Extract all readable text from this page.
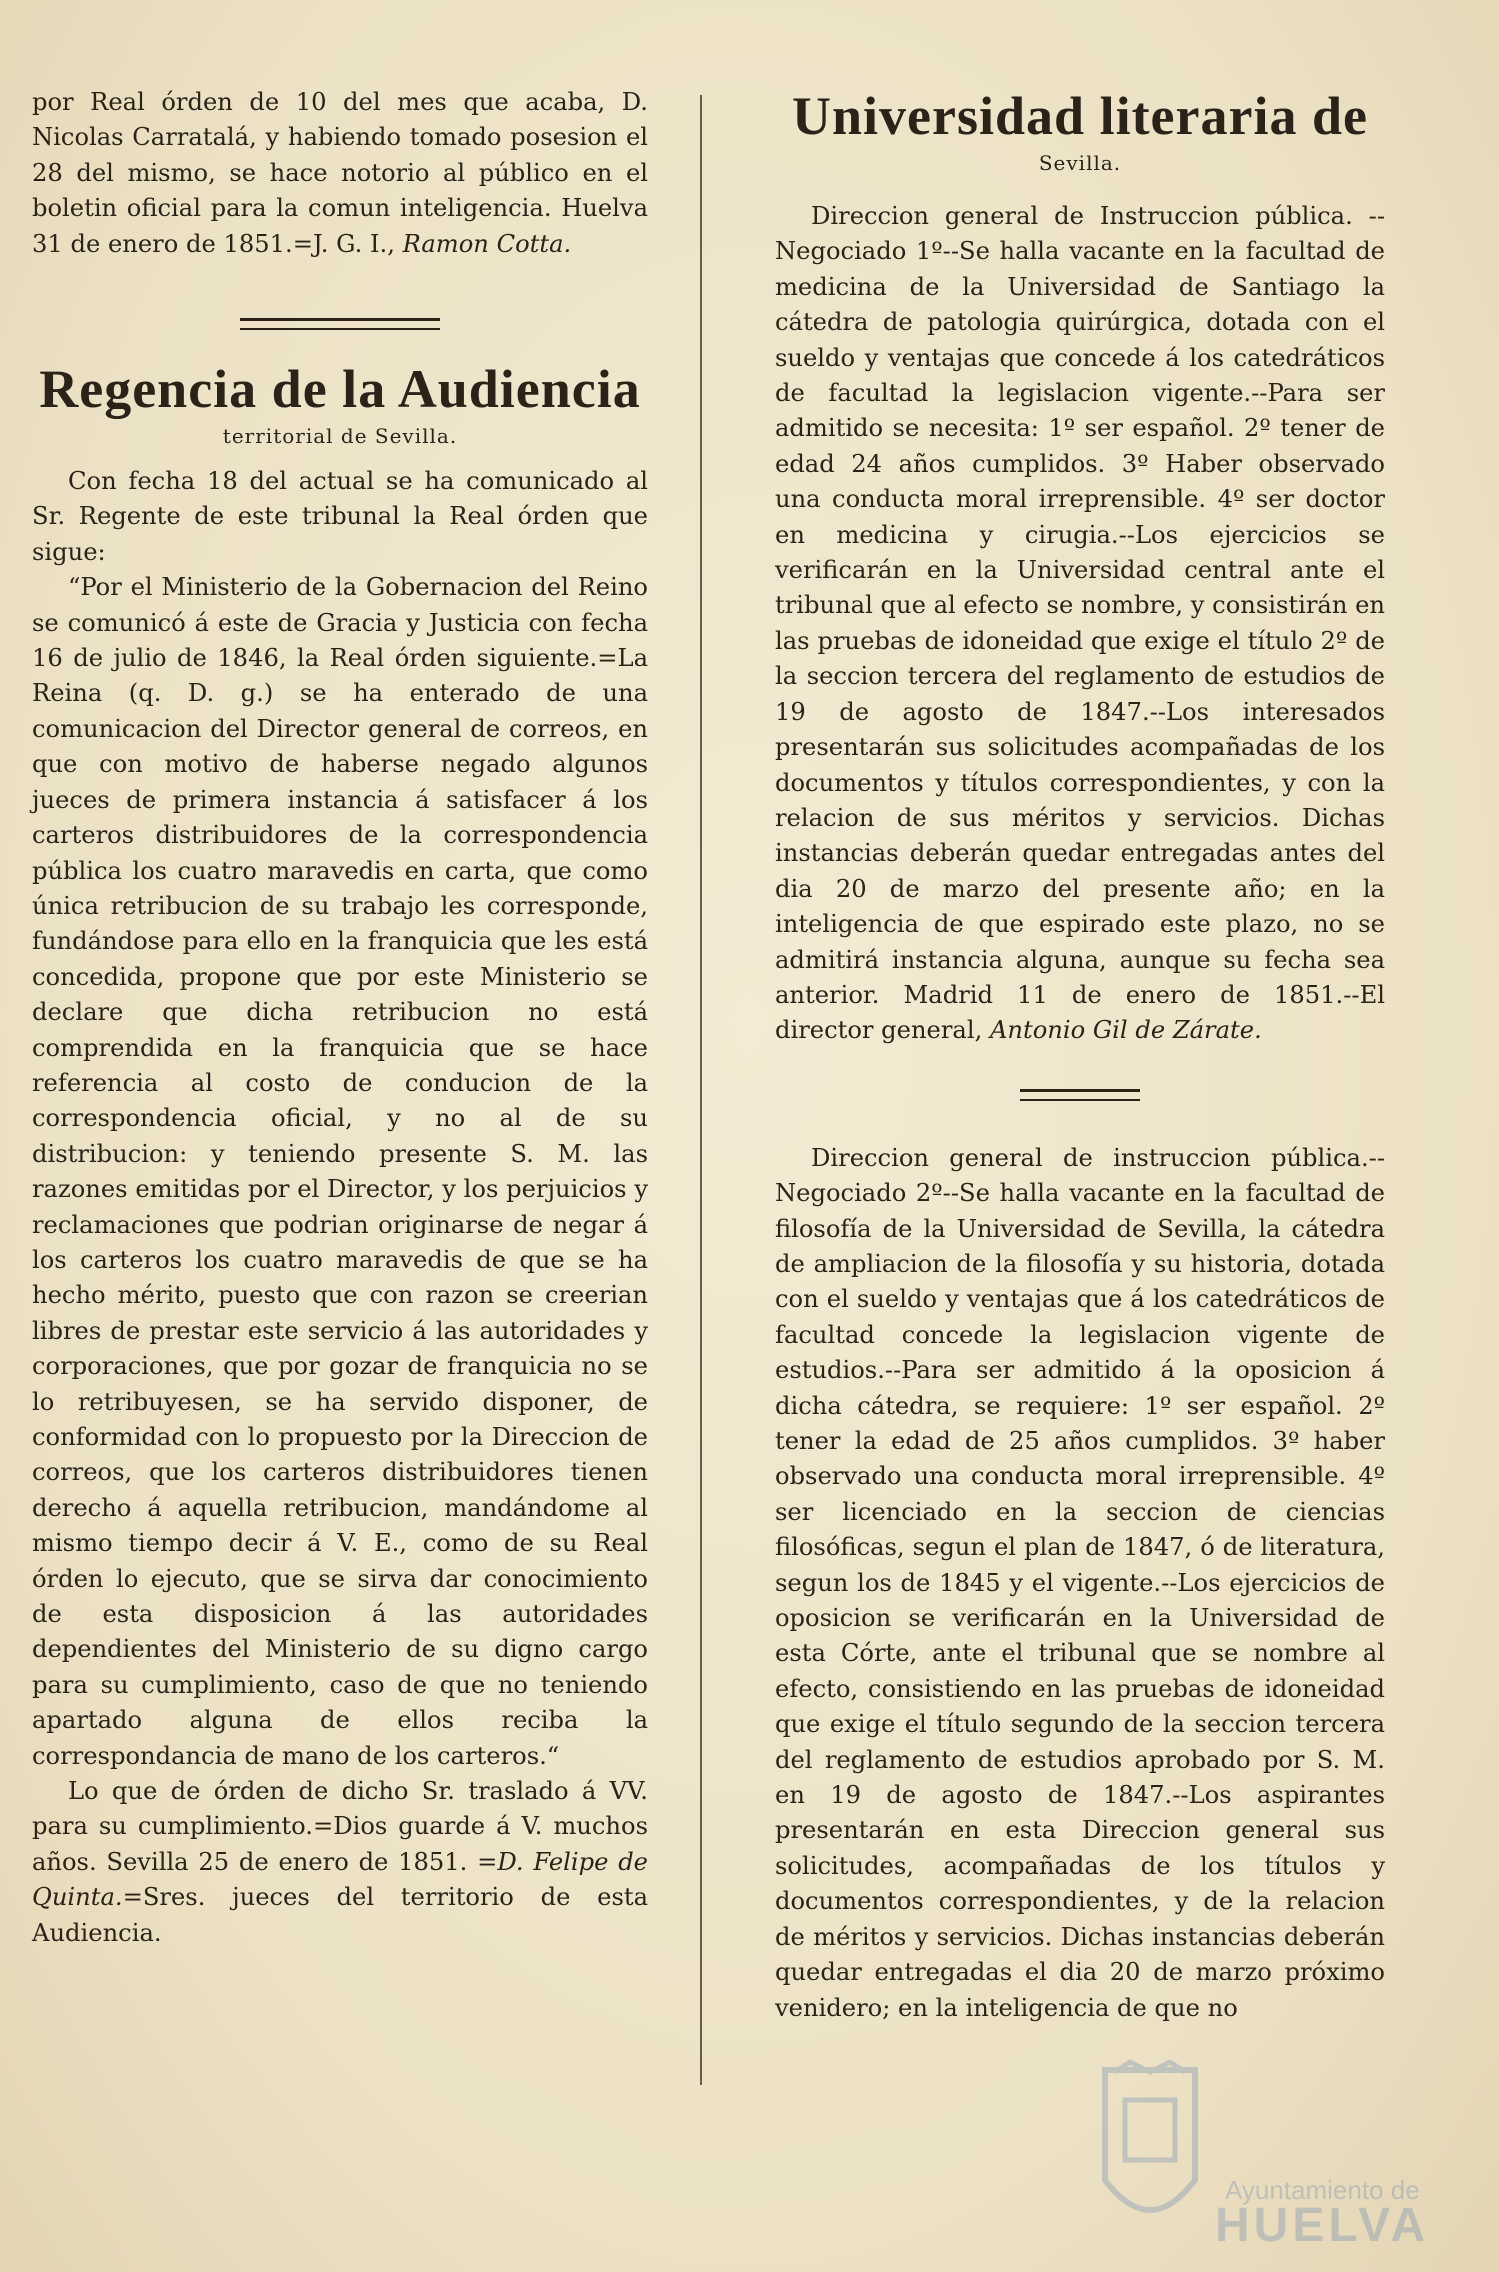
por Real órden de 10 del mes que acaba, D. Nicolas Carratalá, y habiendo tomado posesion el 28 del mismo, se hace notorio al público en el boletin oficial para la comun inteligencia. Huelva 31 de enero de 1851.=J. G. I., Ramon Cotta.

Regencia de la Audiencia
territorial de Sevilla.

Con fecha 18 del actual se ha comunicado al Sr. Regente de este tribunal la Real órden que sigue:

“Por el Ministerio de la Gobernacion del Reino se comunicó á este de Gracia y Justicia con fecha 16 de julio de 1846, la Real órden siguiente.=La Reina (q. D. g.) se ha enterado de una comunicacion del Director general de correos, en que con motivo de haberse negado algunos jueces de primera instancia á satisfacer á los carteros distribuidores de la correspondencia pública los cuatro maravedis en carta, que como única retribucion de su trabajo les corresponde, fundándose para ello en la franquicia que les está concedida, propone que por este Ministerio se declare que dicha retribucion no está comprendida en la franquicia que se hace referencia al costo de conducion de la correspondencia oficial, y no al de su distribucion: y teniendo presente S. M. las razones emitidas por el Director, y los perjuicios y reclamaciones que podrian originarse de negar á los carteros los cuatro maravedis de que se ha hecho mérito, puesto que con razon se creerian libres de prestar este servicio á las autoridades y corporaciones, que por gozar de franquicia no se lo retribuyesen, se ha servido disponer, de conformidad con lo propuesto por la Direccion de correos, que los carteros distribuidores tienen derecho á aquella retribucion, mandándome al mismo tiempo decir á V. E., como de su Real órden lo ejecuto, que se sirva dar conocimiento de esta disposicion á las autoridades dependientes del Ministerio de su digno cargo para su cumplimiento, caso de que no teniendo apartado alguna de ellos reciba la correspondancia de mano de los carteros.“

Lo que de órden de dicho Sr. traslado á VV. para su cumplimiento.=Dios guarde á V. muchos años. Sevilla 25 de enero de 1851. =D. Felipe de Quinta.=Sres. jueces del territorio de esta Audiencia.

Universidad literaria de
Sevilla.

Direccion general de Instruccion pública. --Negociado 1º--Se halla vacante en la facultad de medicina de la Universidad de Santiago la cátedra de patologia quirúrgica, dotada con el sueldo y ventajas que concede á los catedráticos de facultad la legislacion vigente.--Para ser admitido se necesita: 1º ser español. 2º tener de edad 24 años cumplidos. 3º Haber observado una conducta moral irreprensible. 4º ser doctor en medicina y cirugia.--Los ejercicios se verificarán en la Universidad central ante el tribunal que al efecto se nombre, y consistirán en las pruebas de idoneidad que exige el título 2º de la seccion tercera del reglamento de estudios de 19 de agosto de 1847.--Los interesados presentarán sus solicitudes acompañadas de los documentos y títulos correspondientes, y con la relacion de sus méritos y servicios. Dichas instancias deberán quedar entregadas antes del dia 20 de marzo del presente año; en la inteligencia de que espirado este plazo, no se admitirá instancia alguna, aunque su fecha sea anterior. Madrid 11 de enero de 1851.--El director general, Antonio Gil de Zárate.

Direccion general de instruccion pública.--Negociado 2º--Se halla vacante en la facultad de filosofía de la Universidad de Sevilla, la cátedra de ampliacion de la filosofía y su historia, dotada con el sueldo y ventajas que á los catedráticos de facultad concede la legislacion vigente de estudios.--Para ser admitido á la oposicion á dicha cátedra, se requiere: 1º ser español. 2º tener la edad de 25 años cumplidos. 3º haber observado una conducta moral irreprensible. 4º ser licenciado en la seccion de ciencias filosóficas, segun el plan de 1847, ó de literatura, segun los de 1845 y el vigente.--Los ejercicios de oposicion se verificarán en la Universidad de esta Córte, ante el tribunal que se nombre al efecto, consistiendo en las pruebas de idoneidad que exige el título segundo de la seccion tercera del reglamento de estudios aprobado por S. M. en 19 de agosto de 1847.--Los aspirantes presentarán en esta Direccion general sus solicitudes, acompañadas de los títulos y documentos correspondientes, y de la relacion de méritos y servicios. Dichas instancias deberán quedar entregadas el dia 20 de marzo próximo venidero; en la inteligencia de que no

Ayuntamiento de
HUELVA
